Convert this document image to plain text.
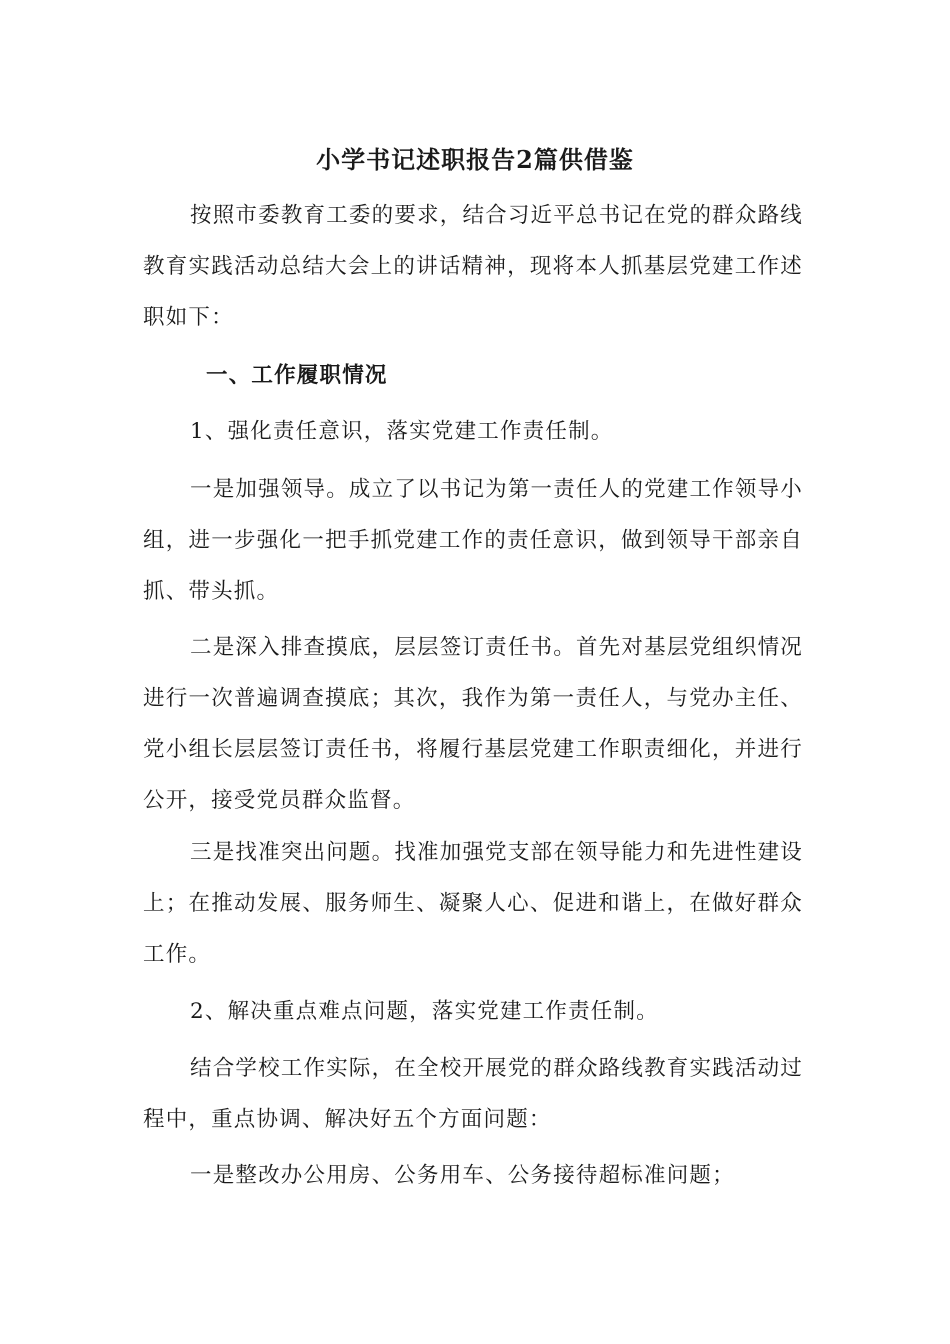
小学书记述职报告2篇供借鉴

按照市委教育工委的要求，结合习近平总书记在党的群众路线教育实践活动总结大会上的讲话精神，现将本人抓基层党建工作述职如下：

一、工作履职情况

1、强化责任意识，落实党建工作责任制。

一是加强领导。成立了以书记为第一责任人的党建工作领导小组，进一步强化一把手抓党建工作的责任意识，做到领导干部亲自抓、带头抓。

二是深入排查摸底，层层签订责任书。首先对基层党组织情况进行一次普遍调查摸底；其次，我作为第一责任人，与党办主任、党小组长层层签订责任书，将履行基层党建工作职责细化，并进行公开，接受党员群众监督。

三是找准突出问题。找准加强党支部在领导能力和先进性建设上；在推动发展、服务师生、凝聚人心、促进和谐上，在做好群众工作。

2、解决重点难点问题，落实党建工作责任制。

结合学校工作实际，在全校开展党的群众路线教育实践活动过程中，重点协调、解决好五个方面问题：

一是整改办公用房、公务用车、公务接待超标准问题；
